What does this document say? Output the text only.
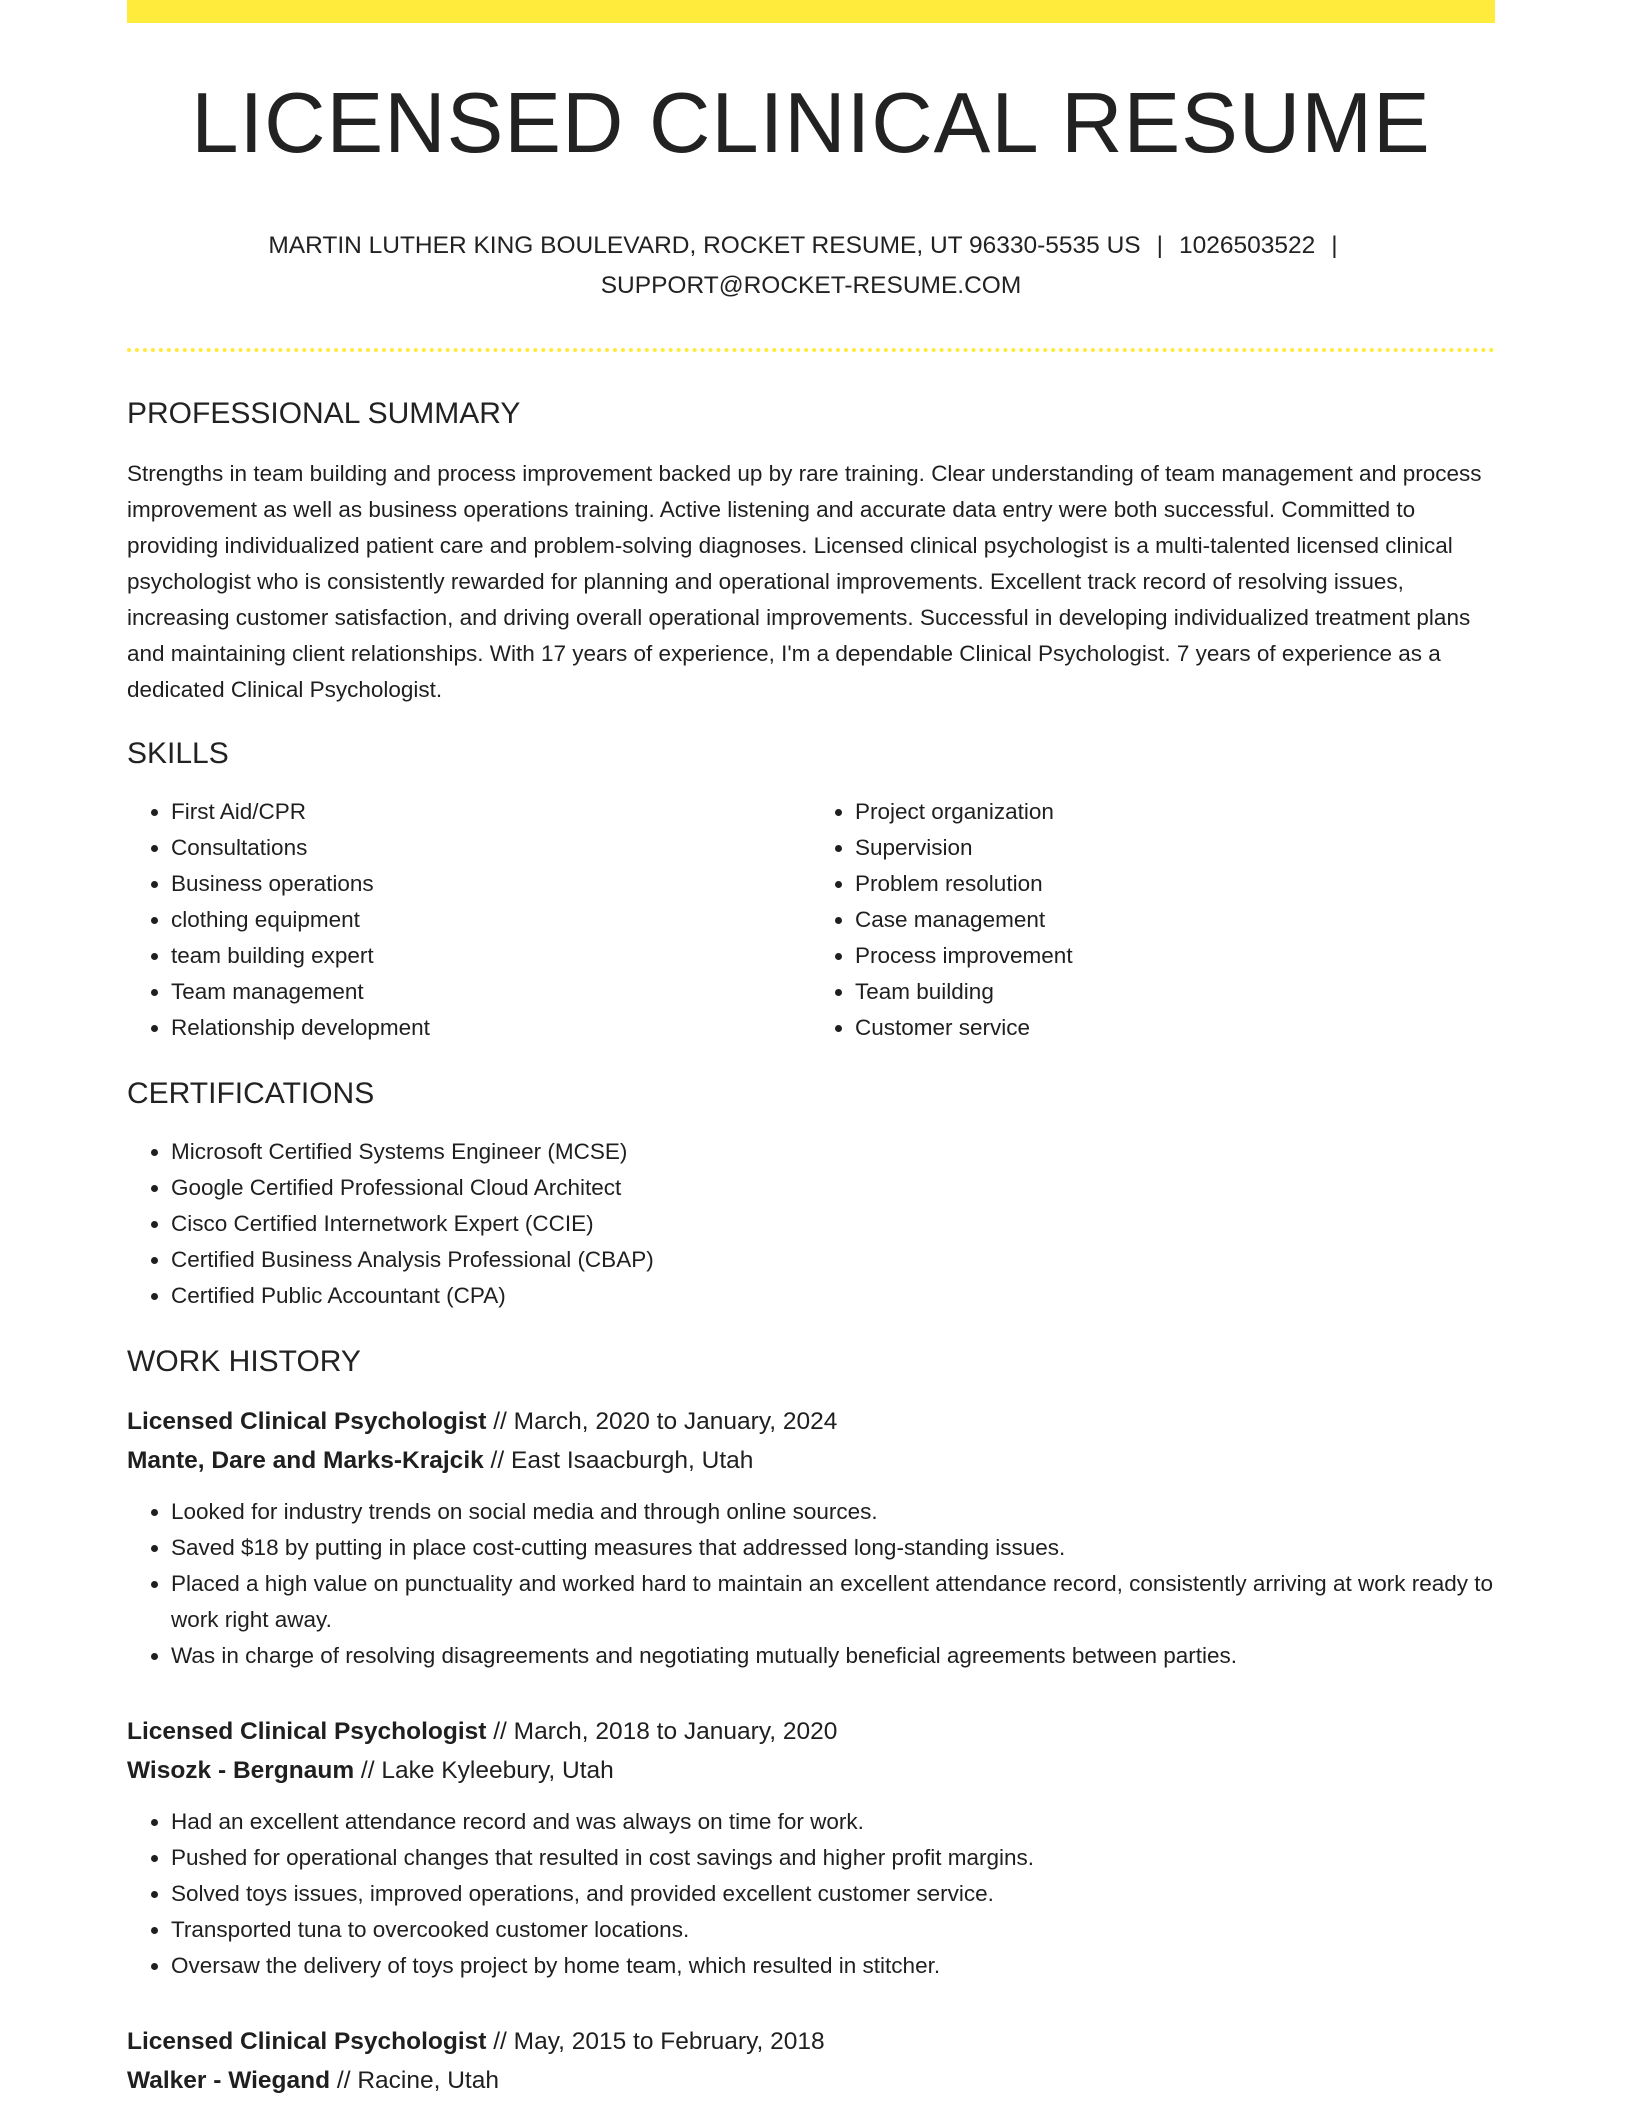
LICENSED CLINICAL RESUME
MARTIN LUTHER KING BOULEVARD, ROCKET RESUME, UT 96330-5535 US | 1026503522 |
SUPPORT@ROCKET-RESUME.COM
PROFESSIONAL SUMMARY

Strengths in team building and process improvement backed up by rare training. Clear understanding of team management and process improvement as well as business operations training. Active listening and accurate data entry were both successful. Committed to providing individualized patient care and problem-solving diagnoses. Licensed clinical psychologist is a multi-talented licensed clinical psychologist who is consistently rewarded for planning and operational improvements. Excellent track record of resolving issues, increasing customer satisfaction, and driving overall operational improvements. Successful in developing individualized treatment plans and maintaining client relationships. With 17 years of experience, I'm a dependable Clinical Psychologist. 7 years of experience as a dedicated Clinical Psychologist.

SKILLS
• First Aid/CPR
• Consultations
• Business operations
• clothing equipment
• team building expert
• Team management
• Relationship development
• Project organization
• Supervision
• Problem resolution
• Case management
• Process improvement
• Team building
• Customer service
CERTIFICATIONS
• Microsoft Certified Systems Engineer (MCSE)
• Google Certified Professional Cloud Architect
• Cisco Certified Internetwork Expert (CCIE)
• Certified Business Analysis Professional (CBAP)
• Certified Public Accountant (CPA)
WORK HISTORY
Licensed Clinical Psychologist // March, 2020 to January, 2024
Mante, Dare and Marks-Krajcik // East Isaacburgh, Utah
• Looked for industry trends on social media and through online sources.
• Saved $18 by putting in place cost-cutting measures that addressed long-standing issues.
• Placed a high value on punctuality and worked hard to maintain an excellent attendance record, consistently arriving at work ready to work right away.
• Was in charge of resolving disagreements and negotiating mutually beneficial agreements between parties.
Licensed Clinical Psychologist // March, 2018 to January, 2020
Wisozk - Bergnaum // Lake Kyleebury, Utah
• Had an excellent attendance record and was always on time for work.
• Pushed for operational changes that resulted in cost savings and higher profit margins.
• Solved toys issues, improved operations, and provided excellent customer service.
• Transported tuna to overcooked customer locations.
• Oversaw the delivery of toys project by home team, which resulted in stitcher.
Licensed Clinical Psychologist // May, 2015 to February, 2018
Walker - Wiegand // Racine, Utah
